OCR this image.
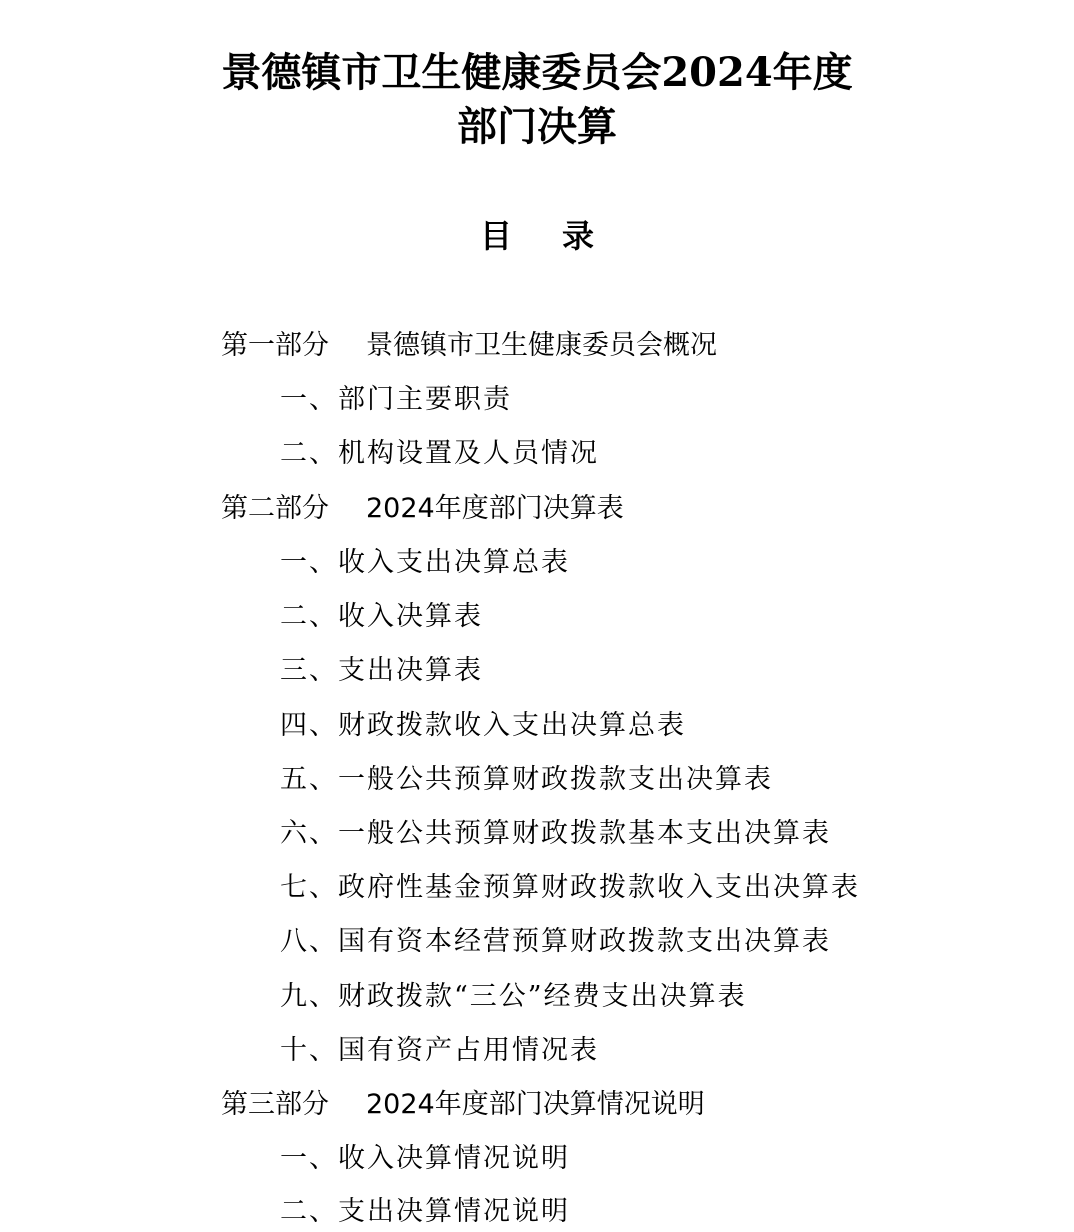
景德镇市卫生健康委员会2024年度
部门决算
目录
第一部分 景德镇市卫生健康委员会概况
一、部门主要职责
二、机构设置及人员情况
第二部分 2024年度部门决算表
一、收入支出决算总表
二、收入决算表
三、支出决算表
四、财政拨款收入支出决算总表
五、一般公共预算财政拨款支出决算表
六、一般公共预算财政拨款基本支出决算表
七、政府性基金预算财政拨款收入支出决算表
八、国有资本经营预算财政拨款支出决算表
九、财政拨款“三公”经费支出决算表
十、国有资产占用情况表
第三部分 2024年度部门决算情况说明
一、收入决算情况说明
二、支出决算情况说明
